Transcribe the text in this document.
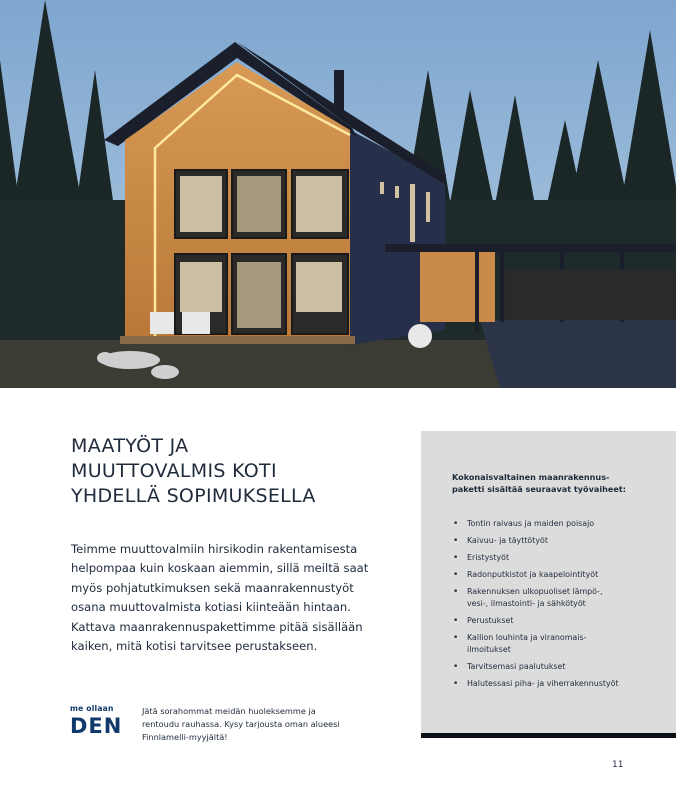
MAATYÖT JA
MUUTTOVALMIS KOTI
YHDELLÄ SOPIMUKSELLA
Teimme muuttovalmiin hirsikodin rakentamisesta
helpompaa kuin koskaan aiemmin, sillä meiltä saat
myös pohjatutkimuksen sekä maanrakennustyöt
osana muuttovalmista kotiasi kiinteään hintaan.
Kattava maanrakennuspakettimme pitää sisällään
kaiken, mitä kotisi tarvitsee perustakseen.
me ollaan
DEN
Jätä sorahommat meidän huoleksemme ja
rentoudu rauhassa. Kysy tarjousta oman alueesi
Finnlamelli-myyjältä!
Kokonaisvaltainen maanrakennus-
paketti sisältää seuraavat työvaiheet:
• Tontin raivaus ja maiden poisajo
• Kaivuu- ja täyttötyöt
• Eristystyöt
• Radonputkistot ja kaapelointityöt
• Rakennuksen ulkopuoliset lämpö-,
vesi-, ilmastointi- ja sähkötyöt
• Perustukset
• Kallion louhinta ja viranomais-
ilmoitukset
• Tarvitsemasi paalutukset
• Halutessasi piha- ja viherrakennustyöt
11
